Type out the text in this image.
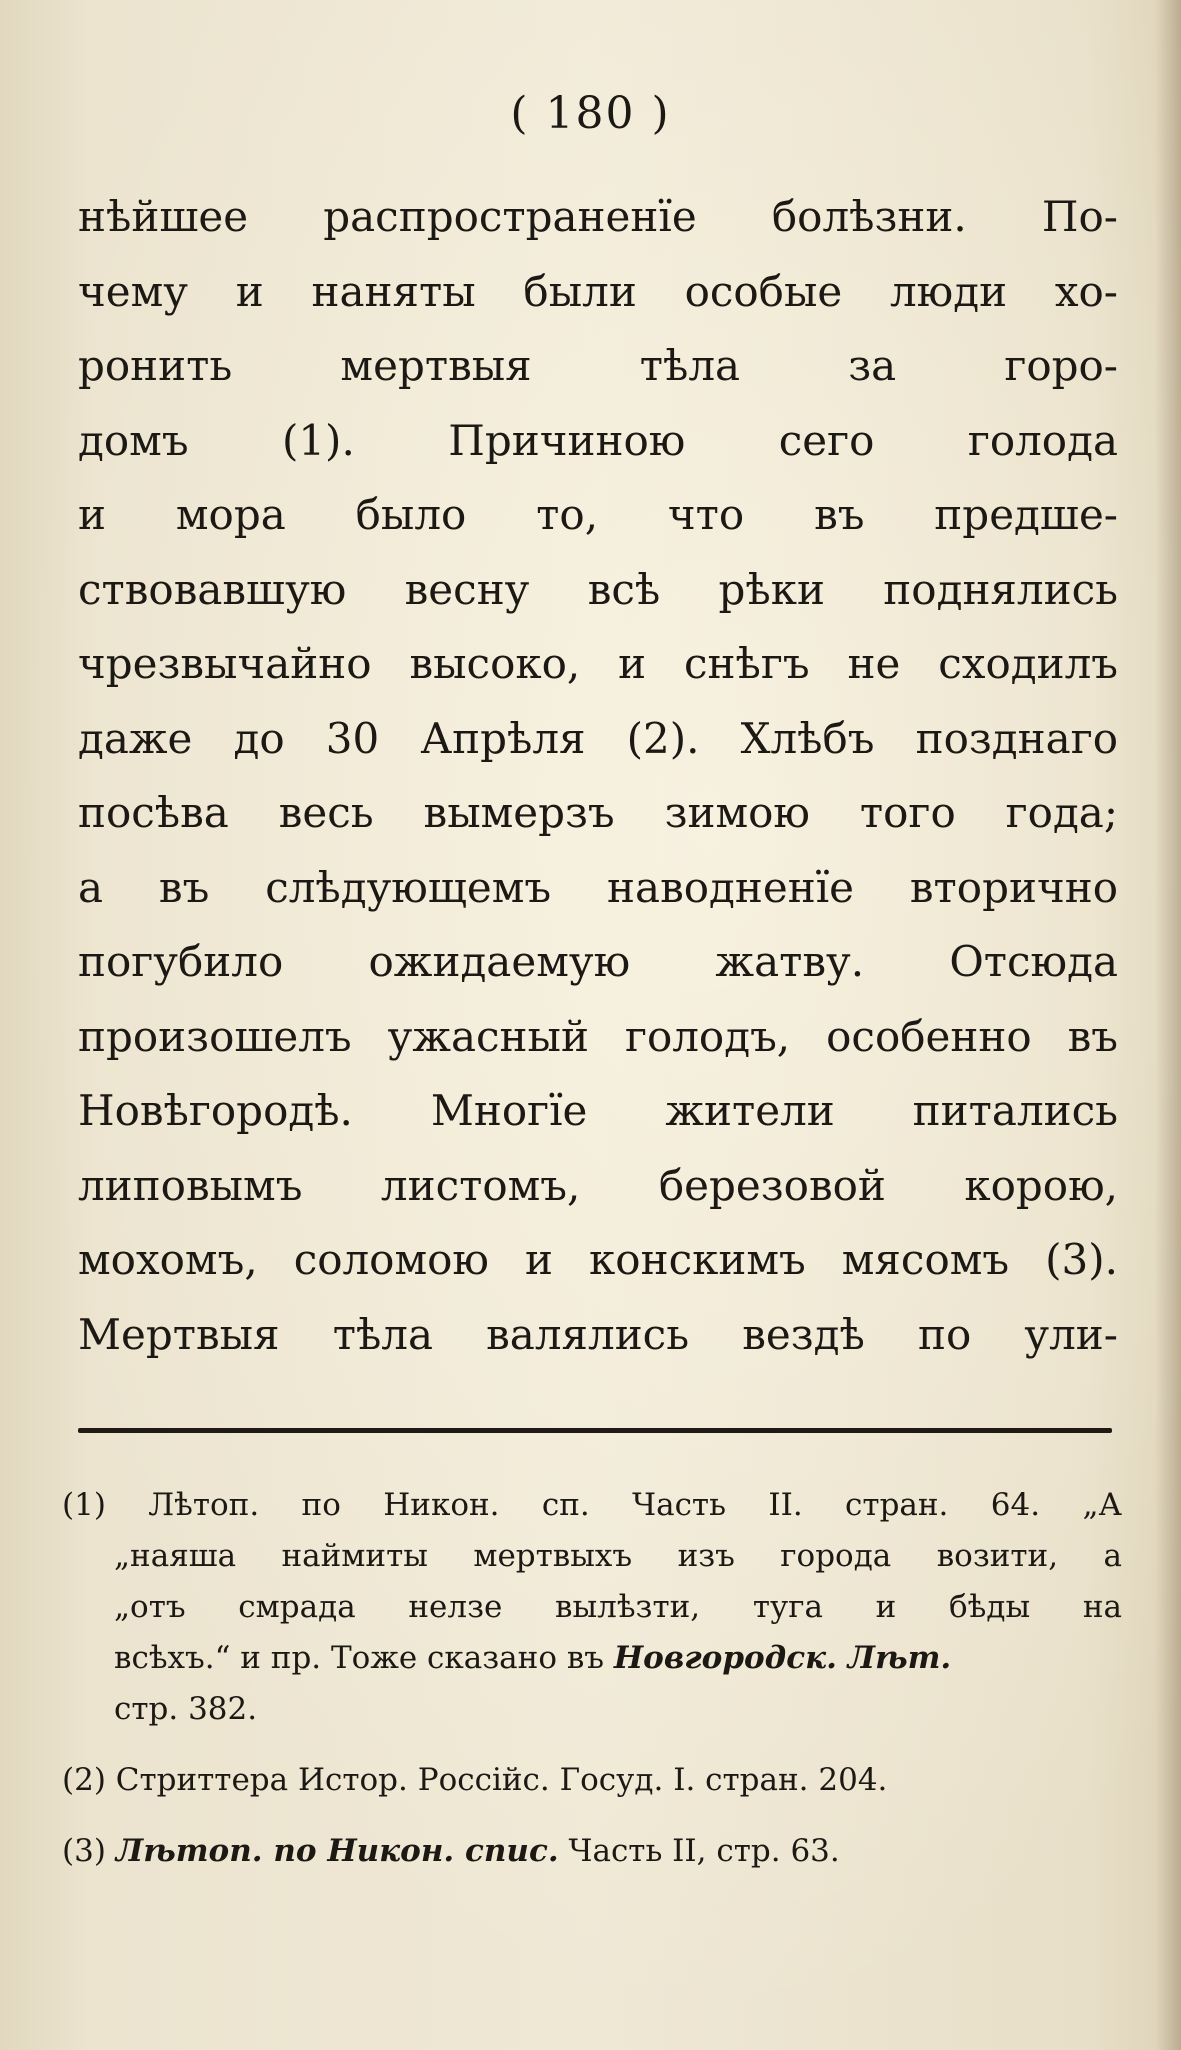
( 180 )
нѣйшее распространенїе болѣзни. По-
чему и наняты были особые люди хо-
ронить мертвыя тѣла за горо-
домъ (1). Причиною сего голода
и мора было то, что въ предше-
ствовавшую весну всѣ рѣки поднялись
чрезвычайно высоко, и снѣгъ не сходилъ
даже до 30 Апрѣля (2). Хлѣбъ позднаго
посѣва весь вымерзъ зимою того года;
а въ слѣдующемъ наводненїе вторично
погубило ожидаемую жатву. Отсюда
произошелъ ужасный голодъ, особенно въ
Новѣгородѣ. Многїе жители питались
липовымъ листомъ, березовой корою,
мохомъ, соломою и конскимъ мясомъ (3).
Мертвыя тѣла валялись вездѣ по ули-
(1) Лѣтоп. по Никон. сп. Часть II. стран. 64. „А
„наяша наймиты мертвыхъ изъ города возити, а
„отъ смрада нелзе вылѣзти, туга и бѣды на
всѣхъ.“ и пр. Тоже сказано въ Новгородск. Лѣт.
стр. 382.
(2) Стриттера Истор. Россійс. Госуд. I. стран. 204.
(3) Лѣтоп. по Никон. спис. Часть II, стр. 63.
